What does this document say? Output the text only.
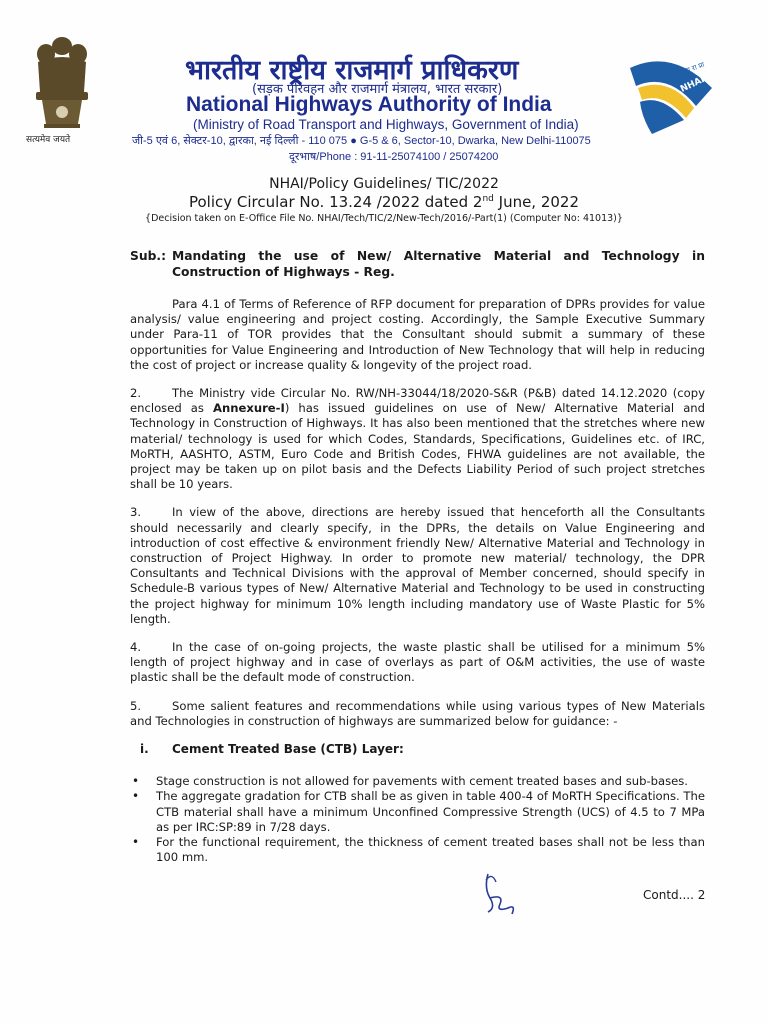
सत्यमेव जयते
भारतीय राष्ट्रीय राजमार्ग प्राधिकरण
(सड़क परिवहन और राजमार्ग मंत्रालय, भारत सरकार)
National Highways Authority of India
(Ministry of Road Transport and Highways, Government of India)
जी-5 एवं 6, सेक्टर-10, द्वारका, नई दिल्ली - 110 075 ● G-5 & 6, Sector-10, Dwarka, New Delhi-110075
दूरभाष/Phone : 91-11-25074100 / 25074200
भा रा रा प्रा
NHAI
NHAI/Policy Guidelines/ TIC/2022
Policy Circular No. 13.24 /2022 dated 2nd June, 2022
{Decision taken on E-Office File No. NHAI/Tech/TIC/2/New-Tech/2016/-Part(1) (Computer No: 41013)}
Sub.: Mandating the use of New/ Alternative Material and Technology in Construction of Highways - Reg.

Para 4.1 of Terms of Reference of RFP document for preparation of DPRs provides for value analysis/ value engineering and project costing. Accordingly, the Sample Executive Summary under Para-11 of TOR provides that the Consultant should submit a summary of these opportunities for Value Engineering and Introduction of New Technology that will help in reducing the cost of project or increase quality & longevity of the project road.

2.	The Ministry vide Circular No. RW/NH-33044/18/2020-S&R (P&B) dated 14.12.2020 (copy enclosed as Annexure-I) has issued guidelines on use of New/ Alternative Material and Technology in Construction of Highways. It has also been mentioned that the stretches where new material/ technology is used for which Codes, Standards, Specifications, Guidelines etc. of IRC, MoRTH, AASHTO, ASTM, Euro Code and British Codes, FHWA guidelines are not available, the project may be taken up on pilot basis and the Defects Liability Period of such project stretches shall be 10 years.

3.	In view of the above, directions are hereby issued that henceforth all the Consultants should necessarily and clearly specify, in the DPRs, the details on Value Engineering and introduction of cost effective & environment friendly New/ Alternative Material and Technology in construction of Project Highway. In order to promote new material/ technology, the DPR Consultants and Technical Divisions with the approval of Member concerned, should specify in Schedule-B various types of New/ Alternative Material and Technology to be used in constructing the project highway for minimum 10% length including mandatory use of Waste Plastic for 5% length.

4.	In the case of on-going projects, the waste plastic shall be utilised for a minimum 5% length of project highway and in case of overlays as part of O&M activities, the use of waste plastic shall be the default mode of construction.

5.	Some salient features and recommendations while using various types of New Materials and Technologies in construction of highways are summarized below for guidance: -

i. Cement Treated Base (CTB) Layer:
• Stage construction is not allowed for pavements with cement treated bases and sub-bases.
• The aggregate gradation for CTB shall be as given in table 400-4 of MoRTH Specifications. The CTB material shall have a minimum Unconfined Compressive Strength (UCS) of 4.5 to 7 MPa as per IRC:SP:89 in 7/28 days.
• For the functional requirement, the thickness of cement treated bases shall not be less than 100 mm.
Contd.... 2
